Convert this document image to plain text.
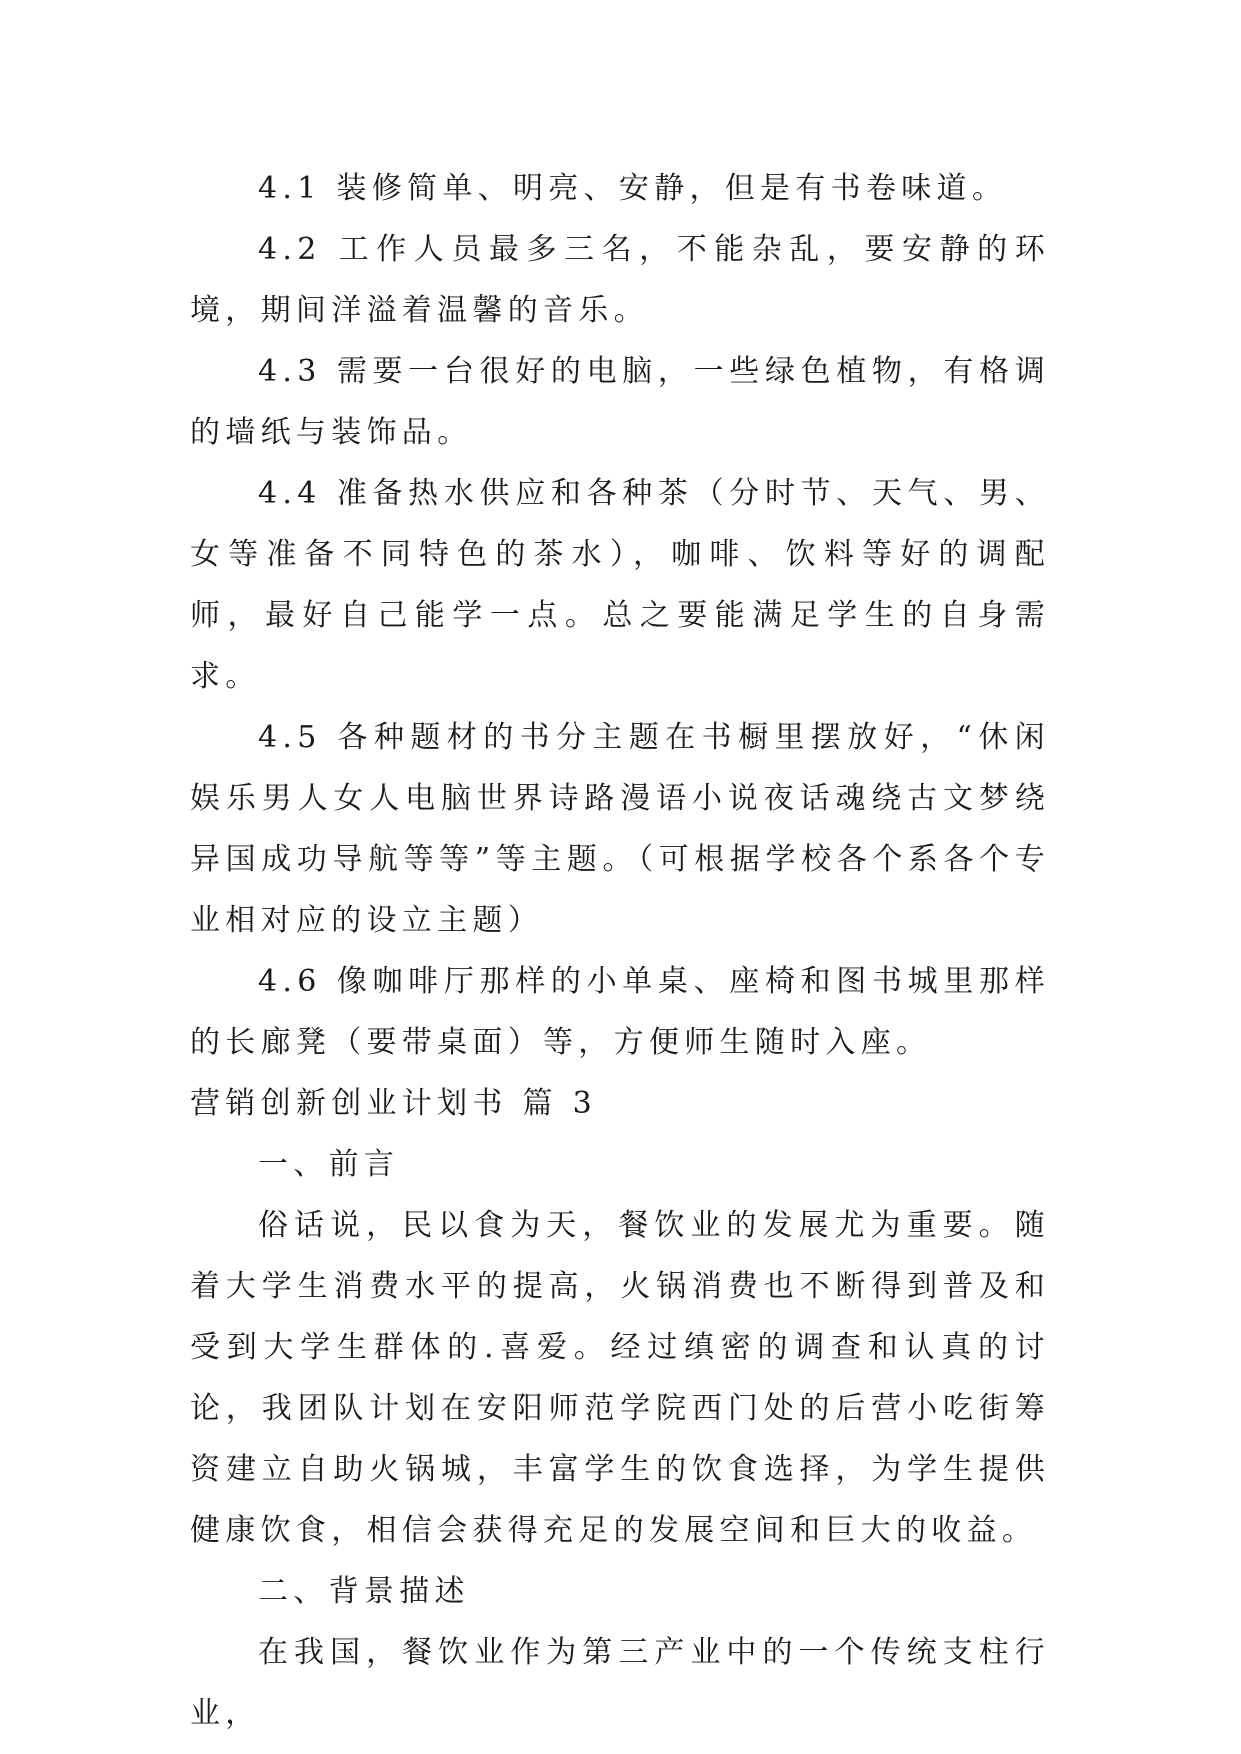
4.1 装修简单、明亮、安静，但是有书卷味道。

4.2 工作人员最多三名，不能杂乱，要安静的环境，期间洋溢着温馨的音乐。

4.3 需要一台很好的电脑，一些绿色植物，有格调的墙纸与装饰品。

4.4 准备热水供应和各种茶（分时节、天气、男、女等准备不同特色的茶水），咖啡、饮料等好的调配师，最好自己能学一点。总之要能满足学生的自身需求。

4.5 各种题材的书分主题在书橱里摆放好，“休闲娱乐男人女人电脑世界诗路漫语小说夜话魂绕古文梦绕异国成功导航等等”等主题。（可根据学校各个系各个专业相对应的设立主题）

4.6 像咖啡厅那样的小单桌、座椅和图书城里那样的长廊凳（要带桌面）等，方便师生随时入座。

营销创新创业计划书 篇 3

一、前言

俗话说，民以食为天，餐饮业的发展尤为重要。随着大学生消费水平的提高，火锅消费也不断得到普及和受到大学生群体的.喜爱。经过缜密的调查和认真的讨论，我团队计划在安阳师范学院西门处的后营小吃街筹资建立自助火锅城，丰富学生的饮食选择，为学生提供健康饮食，相信会获得充足的发展空间和巨大的收益。

二、背景描述

在我国，餐饮业作为第三产业中的一个传统支柱行业，
